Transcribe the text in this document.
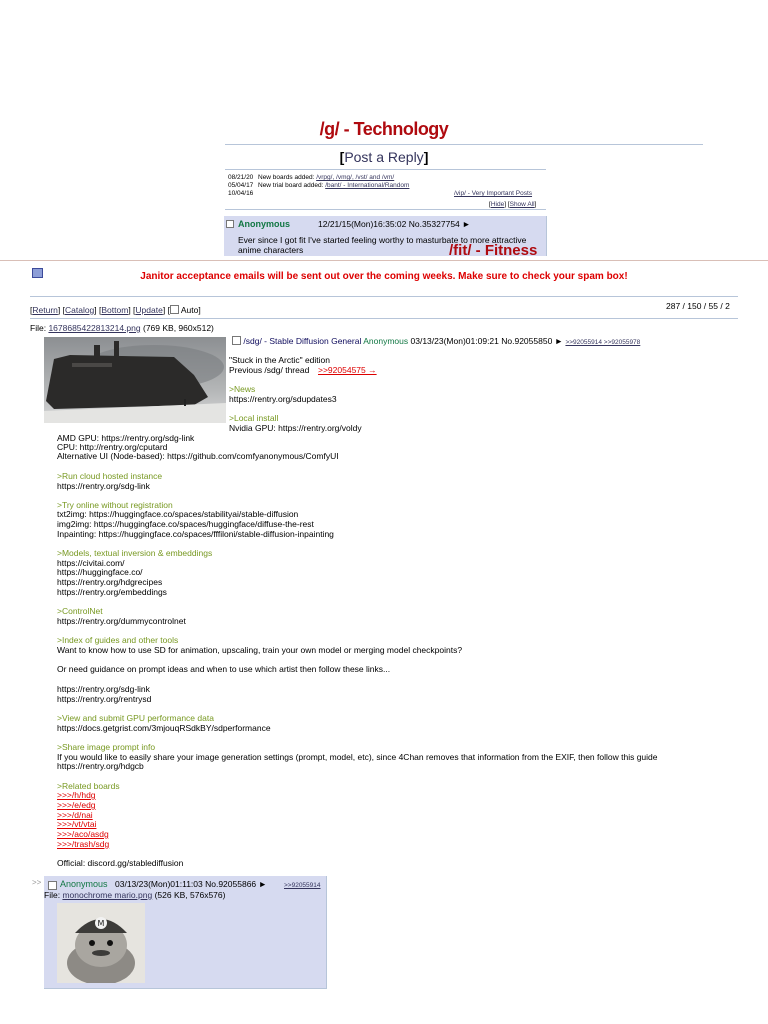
/g/ - Technology
[Post a Reply]
08/21/20 New boards added:
/vrpg/, /vmg/, /vst/ and /vm/
05/04/17 New trial board added:
/bant/ - International/Random
10/04/16	/vip/ - Very Important Posts
[Hide] [Show All]
Anonymous	12/21/15(Mon)16:35:02 No.35327754 ►
Ever since I got fit I've started feeling worthy to masturbate to more attractive anime characters	/fit/ - Fitness
Janitor acceptance emails will be sent out over the coming weeks. Make sure to check your spam box!
[Return] [Catalog] [Bottom] [Update] [ Auto]	287 / 150 / 55 / 2
File: 1678685422813214.png (769 KB, 960x512)
/sdg/ - Stable Diffusion General Anonymous 03/13/23(Mon)01:09:21 No.92055850 ► >>92055914 >>92055978
"Stuck in the Arctic" edition
Previous /sdg/ thread >>92054575 →
>News
https://rentry.org/sdupdates3
>Local install
Nvidia GPU: https://rentry.org/voldy
AMD GPU: https://rentry.org/sdg-link
CPU: http://rentry.org/cputard
Alternative UI (Node-based): https://github.com/comfyanonymous/ComfyUI
>Run cloud hosted instance
https://rentry.org/sdg-link
>Try online without registration
txt2img: https://huggingface.co/spaces/stabilityai/stable-diffusion
img2img: https://huggingface.co/spaces/huggingface/diffuse-the-rest
Inpainting: https://huggingface.co/spaces/fffiloni/stable-diffusion-inpainting
>Models, textual inversion & embeddings
https://civitai.com/
https://huggingface.co/
https://rentry.org/hdgrecipes
https://rentry.org/embeddings
>ControlNet
https://rentry.org/dummycontrolnet
>Index of guides and other tools
Want to know how to use SD for animation, upscaling, train your own model or merging model checkpoints?
Or need guidance on prompt ideas and when to use which artist then follow these links...
https://rentry.org/sdg-link
https://rentry.org/rentrysd
>View and submit GPU performance data
https://docs.getgrist.com/3mjouqRSdkBY/sdperformance
>Share image prompt info
If you would like to easily share your image generation settings (prompt, model, etc), since 4Chan removes that information from the EXIF, then follow this guide
https://rentry.org/hdgcb
>Related boards
>>>/h/hdg
>>>/e/edg
>>>/d/nai
>>>/vt/vtai
>>>/aco/asdg
>>>/trash/sdg
Official: discord.gg/stablediffusion
>> Anonymous 03/13/23(Mon)01:11:03 No.92055866 ►	>>92055914
File: monochrome mario.png (526 KB, 576x576)
M
